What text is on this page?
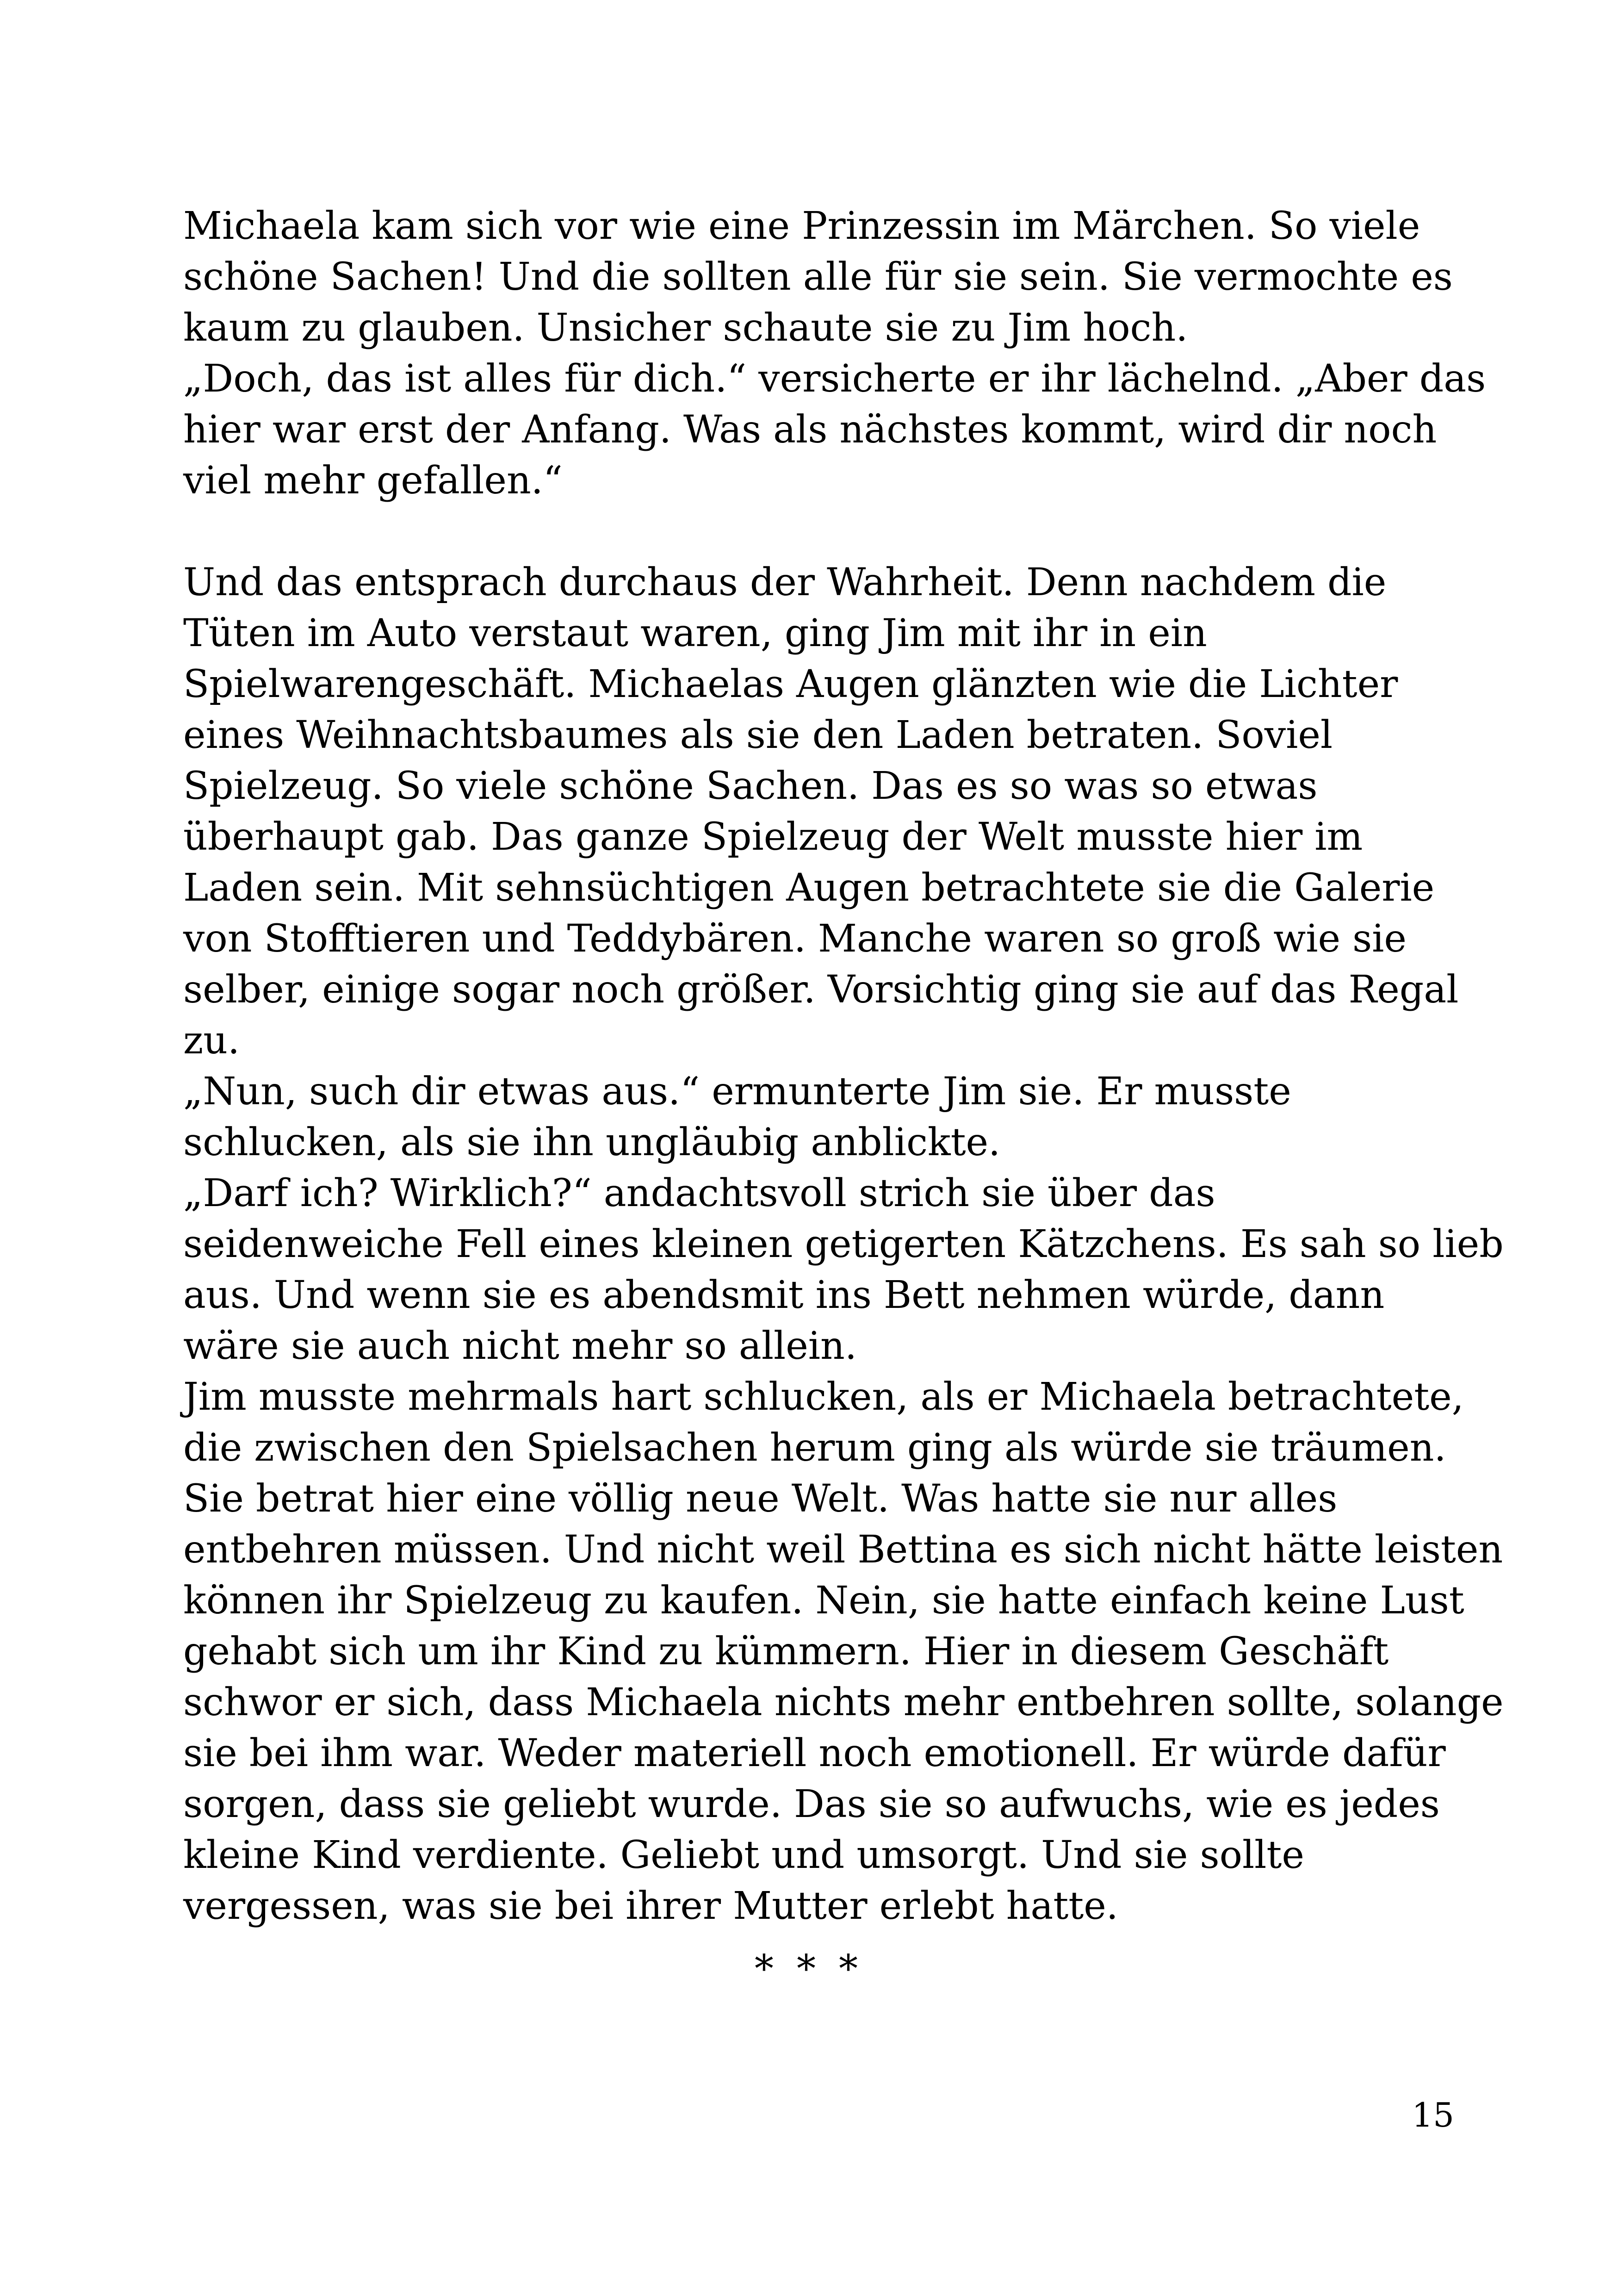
Michaela kam sich vor wie eine Prinzessin im Märchen. So viele
schöne Sachen! Und die sollten alle für sie sein. Sie vermochte es
kaum zu glauben. Unsicher schaute sie zu Jim hoch.
„Doch, das ist alles für dich.“ versicherte er ihr lächelnd. „Aber das
hier war erst der Anfang. Was als nächstes kommt, wird dir noch
viel mehr gefallen.“
Und das entsprach durchaus der Wahrheit. Denn nachdem die
Tüten im Auto verstaut waren, ging Jim mit ihr in ein
Spielwarengeschäft. Michaelas Augen glänzten wie die Lichter
eines Weihnachtsbaumes als sie den Laden betraten. Soviel
Spielzeug. So viele schöne Sachen. Das es so was so etwas
überhaupt gab. Das ganze Spielzeug der Welt musste hier im
Laden sein. Mit sehnsüchtigen Augen betrachtete sie die Galerie
von Stofftieren und Teddybären. Manche waren so groß wie sie
selber, einige sogar noch größer. Vorsichtig ging sie auf das Regal
zu.
„Nun, such dir etwas aus.“ ermunterte Jim sie. Er musste
schlucken, als sie ihn ungläubig anblickte.
„Darf ich? Wirklich?“ andachtsvoll strich sie über das
seidenweiche Fell eines kleinen getigerten Kätzchens. Es sah so lieb
aus. Und wenn sie es abendsmit ins Bett nehmen würde, dann
wäre sie auch nicht mehr so allein.
Jim musste mehrmals hart schlucken, als er Michaela betrachtete,
die zwischen den Spielsachen herum ging als würde sie träumen.
Sie betrat hier eine völlig neue Welt. Was hatte sie nur alles
entbehren müssen. Und nicht weil Bettina es sich nicht hätte leisten
können ihr Spielzeug zu kaufen. Nein, sie hatte einfach keine Lust
gehabt sich um ihr Kind zu kümmern. Hier in diesem Geschäft
schwor er sich, dass Michaela nichts mehr entbehren sollte, solange
sie bei ihm war. Weder materiell noch emotionell. Er würde dafür
sorgen, dass sie geliebt wurde. Das sie so aufwuchs, wie es jedes
kleine Kind verdiente. Geliebt und umsorgt. Und sie sollte
vergessen, was sie bei ihrer Mutter erlebt hatte.
* * *
15
